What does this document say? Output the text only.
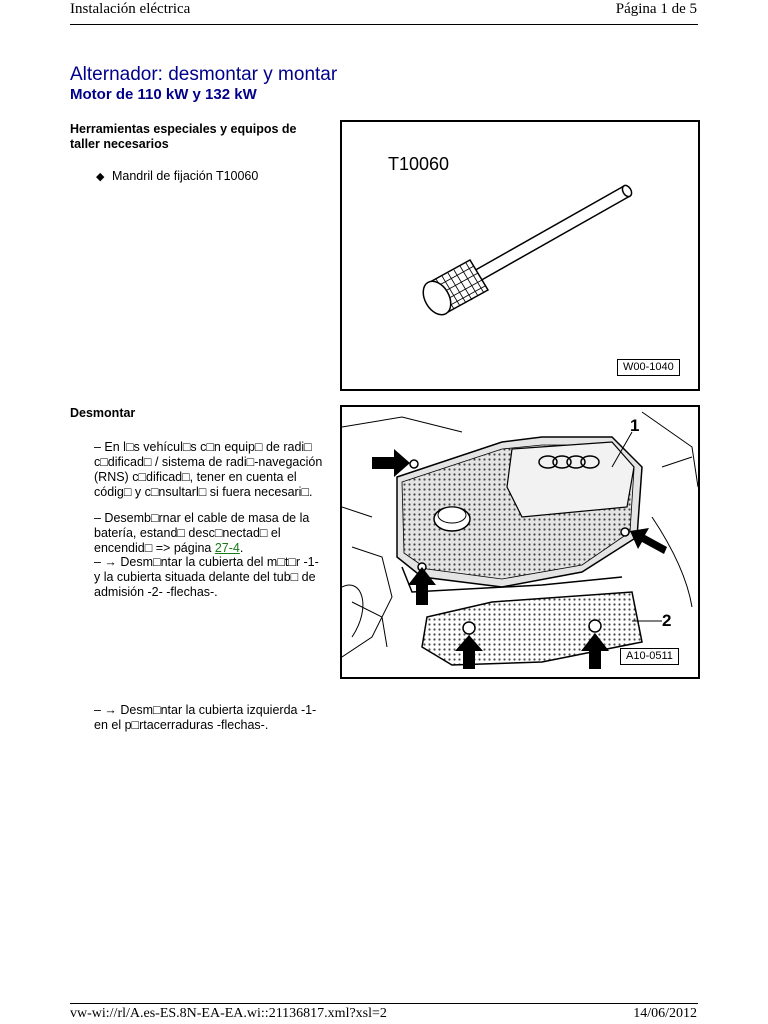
Instalación eléctrica	Página 1 de 5
Alternador: desmontar y montar
Motor de 110 kW y 132 kW
Herramientas especiales y equipos de taller necesarios
◆ Mandril de fijación T10060
T10060
W00-1040
1
2
A10-0511
Desmontar
– En l□s vehícul□s c□n equip□ de radi□ c□dificad□ / sistema de radi□-navegación (RNS) c□dificad□, tener en cuenta el códig□ y c□nsultarl□ si fuera necesari□.
– Desemb□rnar el cable de masa de la batería, estand□ desc□nectad□ el encendid□ => página 27-4.
– → Desm□ntar la cubierta del m□t□r -1- y la cubierta situada delante del tub□ de admisión -2- -flechas-.
– → Desm□ntar la cubierta izquierda -1- en el p□rtacerraduras -flechas-.
vw-wi://rl/A.es-ES.8N-EA-EA.wi::21136817.xml?xsl=2	14/06/2012
